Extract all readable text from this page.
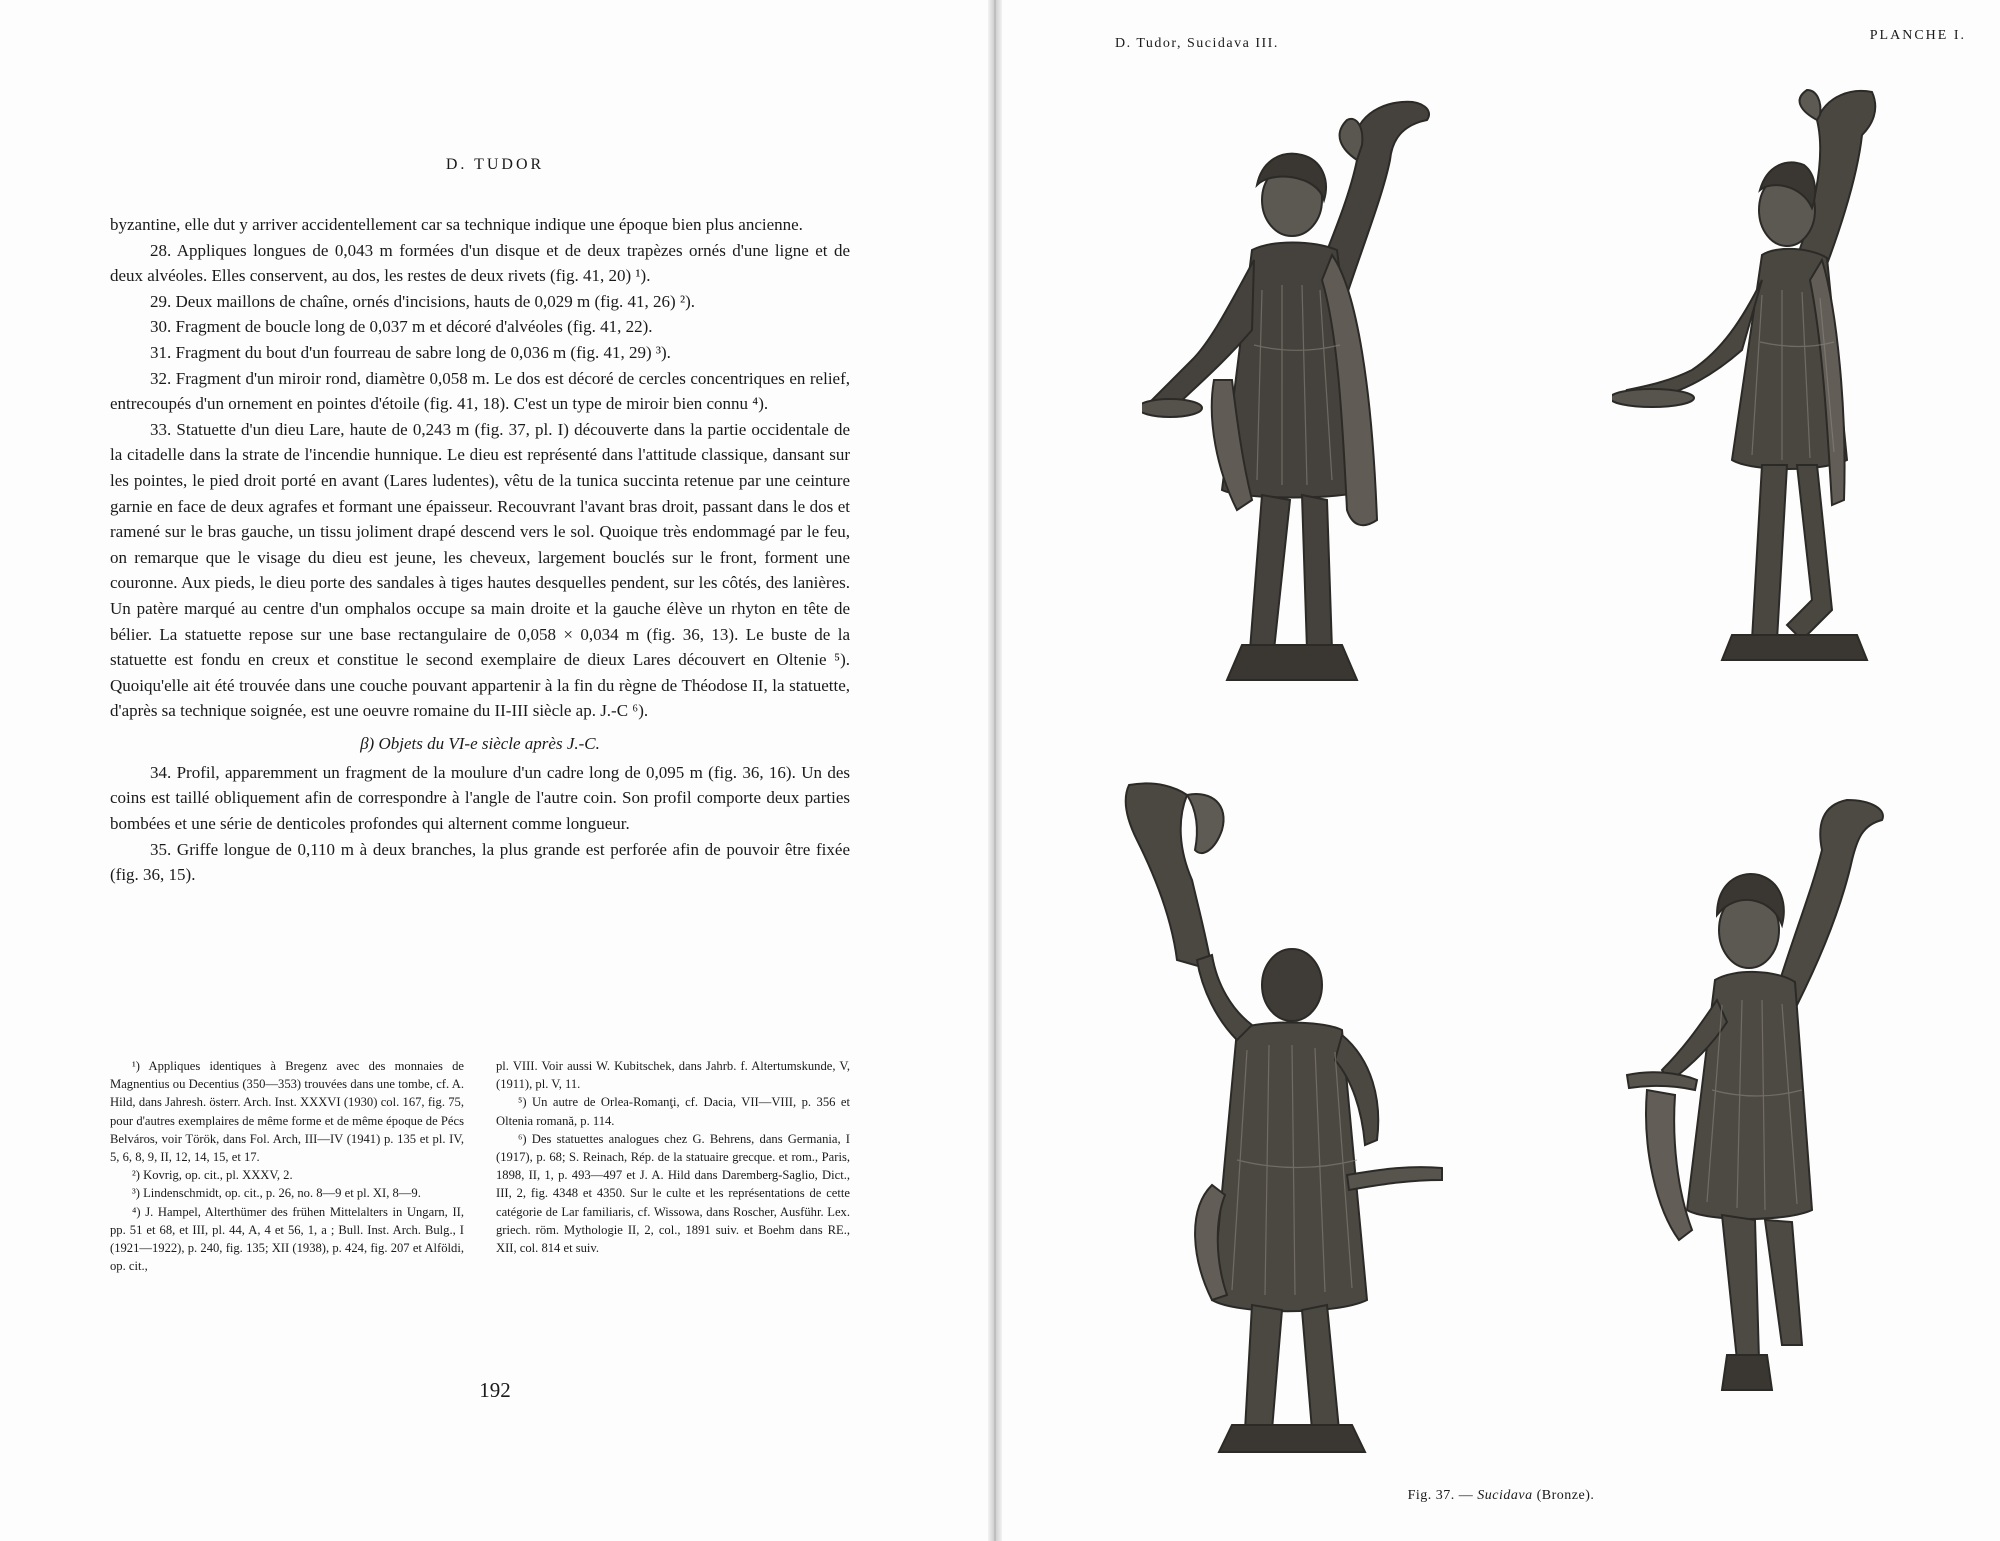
D. TUDOR

byzantine, elle dut y arriver accidentellement car sa technique indique une époque bien plus ancienne.

28. Appliques longues de 0,043 m formées d'un disque et de deux trapèzes ornés d'une ligne et de deux alvéoles. Elles conservent, au dos, les restes de deux rivets (fig. 41, 20) ¹).

29. Deux maillons de chaîne, ornés d'incisions, hauts de 0,029 m (fig. 41, 26) ²).

30. Fragment de boucle long de 0,037 m et décoré d'alvéoles (fig. 41, 22).

31. Fragment du bout d'un fourreau de sabre long de 0,036 m (fig. 41, 29) ³).

32. Fragment d'un miroir rond, diamètre 0,058 m. Le dos est décoré de cercles concentriques en relief, entrecoupés d'un ornement en pointes d'étoile (fig. 41, 18). C'est un type de miroir bien connu ⁴).

33. Statuette d'un dieu Lare, haute de 0,243 m (fig. 37, pl. I) découverte dans la partie occidentale de la citadelle dans la strate de l'incendie hunnique. Le dieu est représenté dans l'attitude classique, dansant sur les pointes, le pied droit porté en avant (Lares ludentes), vêtu de la tunica succinta retenue par une ceinture garnie en face de deux agrafes et formant une épaisseur. Recouvrant l'avant bras droit, passant dans le dos et ramené sur le bras gauche, un tissu joliment drapé descend vers le sol. Quoique très endommagé par le feu, on remarque que le visage du dieu est jeune, les cheveux, largement bouclés sur le front, forment une couronne. Aux pieds, le dieu porte des sandales à tiges hautes desquelles pendent, sur les côtés, des lanières. Un patère marqué au centre d'un omphalos occupe sa main droite et la gauche élève un rhyton en tête de bélier. La statuette repose sur une base rectangulaire de 0,058 × 0,034 m (fig. 36, 13). Le buste de la statuette est fondu en creux et constitue le second exemplaire de dieux Lares découvert en Oltenie ⁵). Quoiqu'elle ait été trouvée dans une couche pouvant appartenir à la fin du règne de Théodose II, la statuette, d'après sa technique soignée, est une oeuvre romaine du II-III siècle ap. J.-C ⁶).

β) Objets du VI-e siècle après J.-C.

34. Profil, apparemment un fragment de la moulure d'un cadre long de 0,095 m (fig. 36, 16). Un des coins est taillé obliquement afin de correspondre à l'angle de l'autre coin. Son profil comporte deux parties bombées et une série de denticoles profondes qui alternent comme longueur.

35. Griffe longue de 0,110 m à deux branches, la plus grande est perforée afin de pouvoir être fixée (fig. 36, 15).

¹) Appliques identiques à Bregenz avec des monnaies de Magnentius ou Decentius (350—353) trouvées dans une tombe, cf. A. Hild, dans Jahresh. österr. Arch. Inst. XXXVI (1930) col. 167, fig. 75, pour d'autres exemplaires de même forme et de même époque de Pécs Belváros, voir Török, dans Fol. Arch, III—IV (1941) p. 135 et pl. IV, 5, 6, 8, 9, II, 12, 14, 15, et 17.

²) Kovrig, op. cit., pl. XXXV, 2.

³) Lindenschmidt, op. cit., p. 26, no. 8—9 et pl. XI, 8—9.

⁴) J. Hampel, Alterthümer des frühen Mittelalters in Ungarn, II, pp. 51 et 68, et III, pl. 44, A, 4 et 56, 1, a ; Bull. Inst. Arch. Bulg., I (1921—1922), p. 240, fig. 135; XII (1938), p. 424, fig. 207 et Alföldi, op. cit.,

pl. VIII. Voir aussi W. Kubitschek, dans Jahrb. f. Altertumskunde, V, (1911), pl. V, 11.

⁵) Un autre de Orlea-Romanţi, cf. Dacia, VII—VIII, p. 356 et Oltenia romană, p. 114.

⁶) Des statuettes analogues chez G. Behrens, dans Germania, I (1917), p. 68; S. Reinach, Rép. de la statuaire grecque. et rom., Paris, 1898, II, 1, p. 493—497 et J. A. Hild dans Daremberg-Saglio, Dict., III, 2, fig. 4348 et 4350. Sur le culte et les représentations de cette catégorie de Lar familiaris, cf. Wissowa, dans Roscher, Ausführ. Lex. griech. röm. Mythologie II, 2, col., 1891 suiv. et Boehm dans RE., XII, col. 814 et suiv.

192
D. Tudor, Sucidava III.
PLANCHE I.
Fig. 37. — Sucidava (Bronze).
